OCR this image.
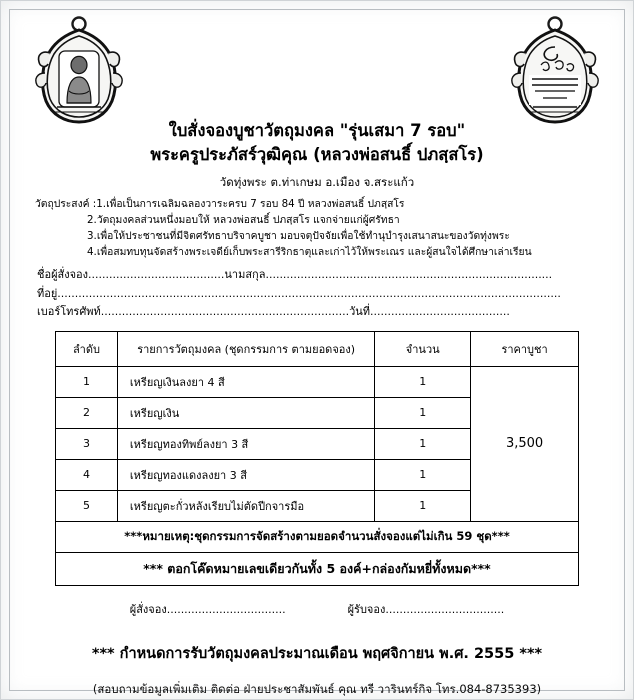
ใบสั่งจองบูชาวัตถุมงคล "รุ่นเสมา 7 รอบ"
พระครูประภัสร์วุฒิคุณ (หลวงพ่อสนธิ์ ปภสฺสโร)
วัดทุ่งพระ ต.ท่าเกษม อ.เมือง จ.สระแก้ว
วัตถุประสงค์ :1.เพื่อเป็นการเฉลิมฉลองวาระครบ 7 รอบ 84 ปี หลวงพ่อสนธิ์ ปภสฺสโร
2.วัตถุมงคลส่วนหนึ่งมอบให้ หลวงพ่อสนธิ์ ปภสฺสโร แจกจ่ายแก่ผู้ศรัทธา
3.เพื่อให้ประชาชนที่มีจิตศรัทธาบริจาคบูชา มอบจตุปัจจัยเพื่อใช้ทำนุบำรุงเสนาสนะของวัดทุ่งพระ
4.เพื่อสมทบทุนจัดสร้างพระเจดีย์เก็บพระสารีริกธาตุและเก่าไว้ให้พระเณร และผู้สนใจได้ศึกษาเล่าเรียน
ชื่อผู้สั่งจอง.......................................นามสกุล..................................................................................
ที่อยู่................................................................................................................................................
เบอร์โทรศัพท์.......................................................................วันที่........................................
ลำดับ	รายการวัตถุมงคล (ชุดกรรมการ ตามยอดจอง)	จำนวน	ราคาบูชา
1	เหรียญเงินลงยา 4 สี	1	3,500
2	เหรียญเงิน	1	
3	เหรียญทองทิพย์ลงยา 3 สี	1	
4	เหรียญทองแดงลงยา 3 สี	1	
5	เหรียญตะกั่วหลังเรียบไม่ตัดปีกจารมือ	1	
***หมายเหตุ:ชุดกรรมการจัดสร้างตามยอดจำนวนสั่งจองแต่ไม่เกิน 59 ชุด***			
*** ตอกโค๊ดหมายเลขเดียวกันทั้ง 5 องค์+กล่องกัมหยี่ทั้งหมด***			
ผู้สั่งจอง..................................	ผู้รับจอง..................................
*** กำหนดการรับวัตถุมงคลประมาณเดือน พฤศจิกายน พ.ศ. 2555 ***
(สอบถามข้อมูลเพิ่มเติม ติดต่อ ฝ่ายประชาสัมพันธ์ คุณ ทรี วารินทร์กิจ โทร.084-8735393)
